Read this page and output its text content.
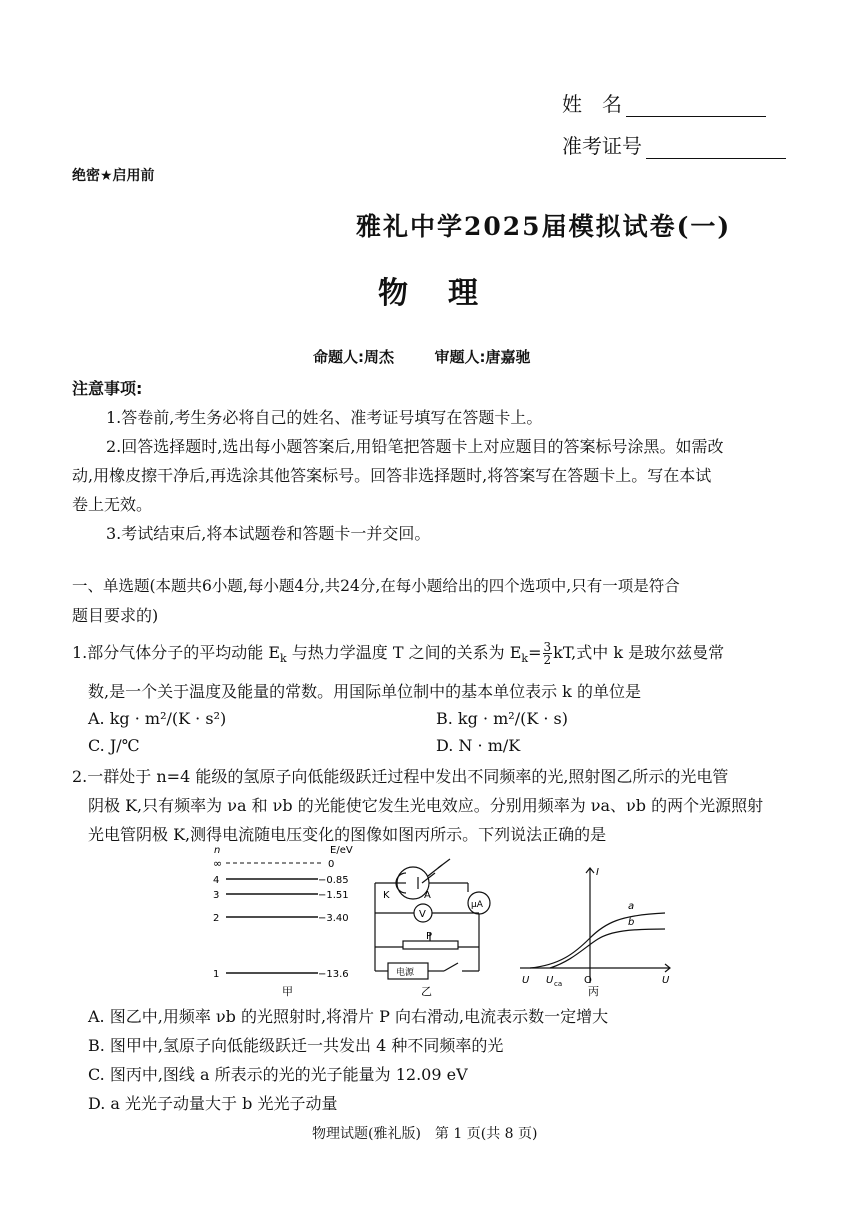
姓　名
准考证号
绝密★启用前
雅礼中学2025届模拟试卷(一)
物理
命题人:周杰	审题人:唐嘉驰
注意事项:
1.答卷前,考生务必将自己的姓名、准考证号填写在答题卡上。
2.回答选择题时,选出每小题答案后,用铅笔把答题卡上对应题目的答案标号涂黑。如需改
动,用橡皮擦干净后,再选涂其他答案标号。回答非选择题时,将答案写在答题卡上。写在本试
卷上无效。
3.考试结束后,将本试题卷和答题卡一并交回。
一、单选题(本题共6小题,每小题4分,共24分,在每小题给出的四个选项中,只有一项是符合
题目要求的)
1.部分气体分子的平均动能 $E_k$ 与热力学温度 T 之间的关系为 $E_k= \frac{3}{2}$ kT,式中 k 是玻尔兹曼常
数,是一个关于温度及能量的常数。用国际单位制中的基本单位表示 k 的单位是
A. kg · m²/(K · s²)	B. kg · m²/(K · s)
C. J/℃	D. N · m/K
2.一群处于 n=4 能级的氢原子向低能级跃迁过程中发出不同频率的光,照射图乙所示的光电管
阴极 K,只有频率为 νa 和 νb 的光能使它发生光电效应。分别用频率为 νa、νb 的两个光源照射
光电管阴极 K,测得电流随电压变化的图像如图丙所示。下列说法正确的是
n	E/eV
∞	0
4	−0.85
3	−1.51
2	−3.40
1	−13.6
甲
K	A
μA
V
P
电源
乙
I
U
a
b
O
U U ca
丙
A. 图乙中,用频率 νb 的光照射时,将滑片 P 向右滑动,电流表示数一定增大
B. 图甲中,氢原子向低能级跃迁一共发出 4 种不同频率的光
C. 图丙中,图线 a 所表示的光的光子能量为 12.09 eV
D. a 光光子动量大于 b 光光子动量
物理试题(雅礼版)　第 1 页(共 8 页)
